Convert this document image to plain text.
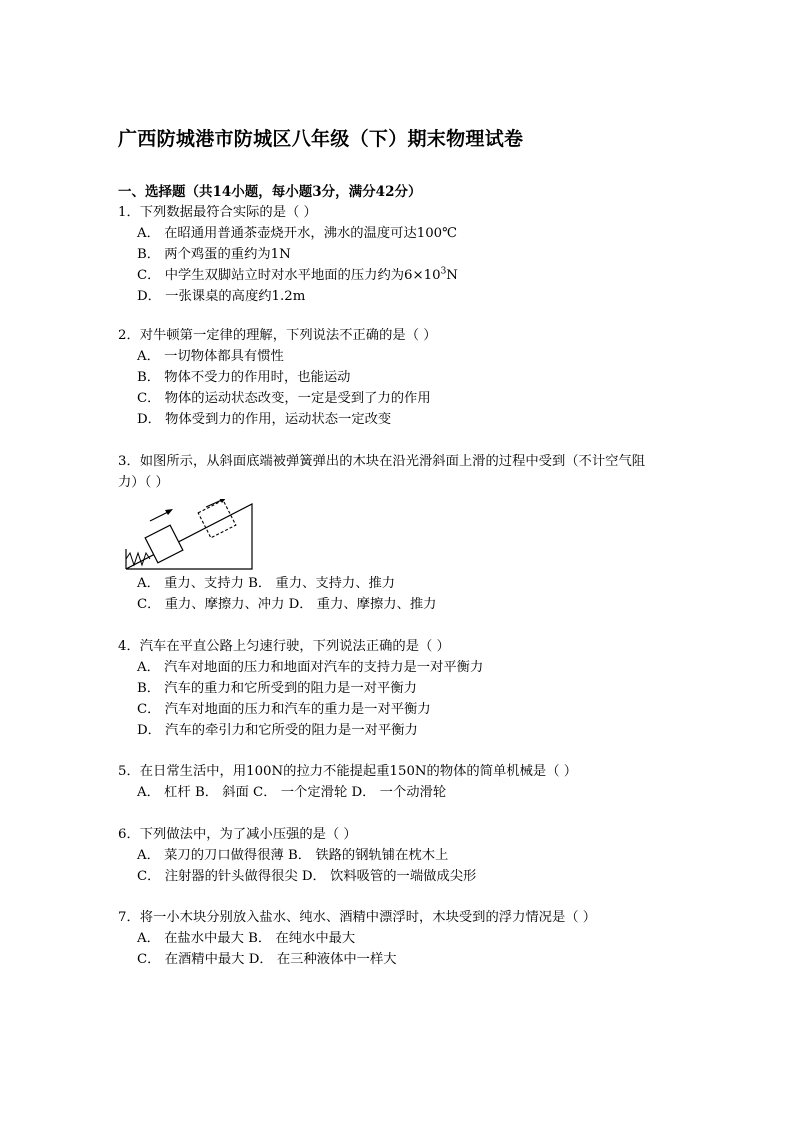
广西防城港市防城区八年级（下）期末物理试卷
一、选择题（共14小题，每小题3分，满分42分）
1．下列数据最符合实际的是（ ）
A． 在昭通用普通茶壶烧开水，沸水的温度可达100℃
B． 两个鸡蛋的重约为1N
C． 中学生双脚站立时对水平地面的压力约为$6\times 10^3N$
D． 一张课桌的高度约1.2m
2．对牛顿第一定律的理解，下列说法不正确的是（ ）
A． 一切物体都具有惯性
B． 物体不受力的作用时，也能运动
C． 物体的运动状态改变，一定是受到了力的作用
D． 物体受到力的作用，运动状态一定改变
3．如图所示，从斜面底端被弹簧弹出的木块在沿光滑斜面上滑的过程中受到（不计空气阻
力）（ ）
A． 重力、支持力 B． 重力、支持力、推力
C． 重力、摩擦力、冲力 D． 重力、摩擦力、推力
4．汽车在平直公路上匀速行驶，下列说法正确的是（ ）
A． 汽车对地面的压力和地面对汽车的支持力是一对平衡力
B． 汽车的重力和它所受到的阻力是一对平衡力
C． 汽车对地面的压力和汽车的重力是一对平衡力
D． 汽车的牵引力和它所受的阻力是一对平衡力
5．在日常生活中，用100N的拉力不能提起重150N的物体的简单机械是（ ）
A． 杠杆 B． 斜面 C． 一个定滑轮 D． 一个动滑轮
6．下列做法中，为了减小压强的是（ ）
A． 菜刀的刀口做得很薄 B． 铁路的钢轨铺在枕木上
C． 注射器的针头做得很尖 D． 饮料吸管的一端做成尖形
7．将一小木块分别放入盐水、纯水、酒精中漂浮时，木块受到的浮力情况是（ ）
A． 在盐水中最大 B． 在纯水中最大
C． 在酒精中最大 D． 在三种液体中一样大
